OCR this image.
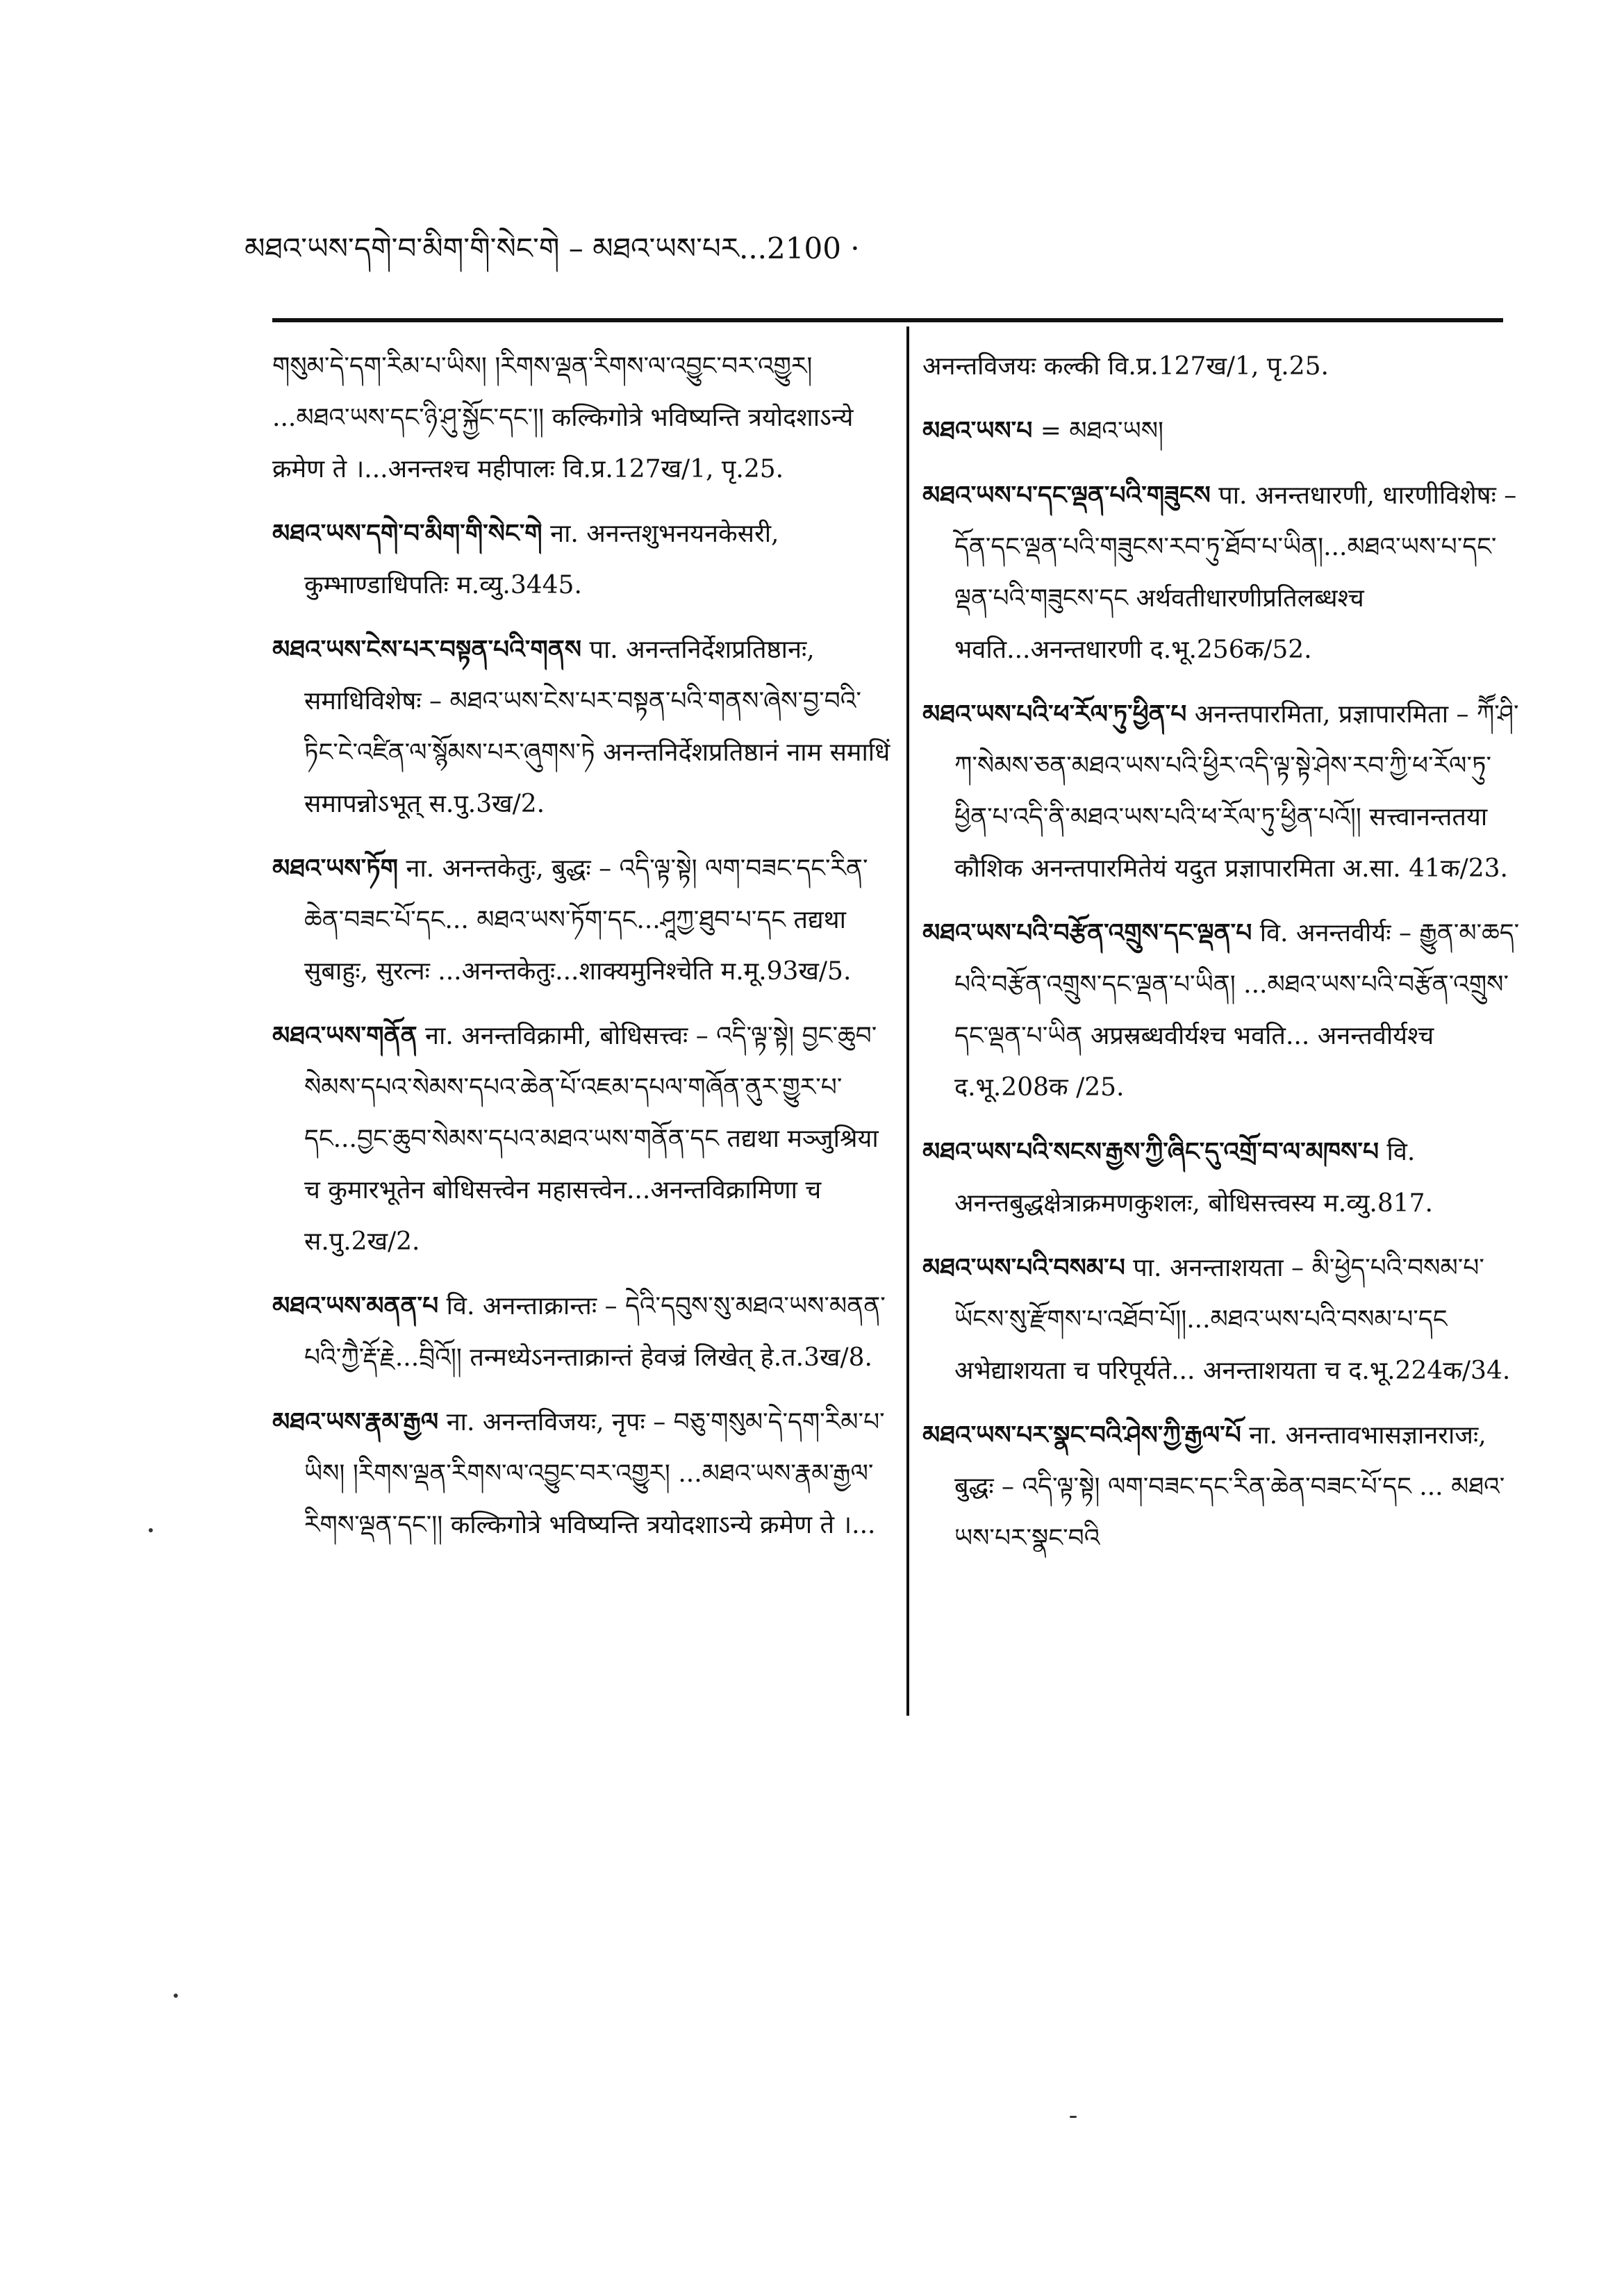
མཐའ་ཡས་དགེ་བ་མིག་གི་སེང་གེ – མཐའ་ཡས་པར...2100 ·

གསུམ་དེ་དག་རིམ་པ་ཡིས། །རིགས་ལྡན་རིགས་ལ་འབྱུང་བར་འགྱུར། ...མཐའ་ཡས་དང་ཉི་ཤུ་སྐྱོང་དང་།། कल्किगोत्रे भविष्यन्ति त्रयोदशाऽन्ये क्रमेण ते ।...अनन्तश्च महीपालः वि.प्र.127ख/1, पृ.25.

མཐའ་ཡས་དགེ་བ་མིག་གི་སེང་གེ ना. अनन्तशुभनयनकेसरी, कुम्भाण्डाधिपतिः म.व्यु.3445.

མཐའ་ཡས་ངེས་པར་བསྟན་པའི་གནས पा. अनन्तनिर्देशप्रतिष्ठानः, समाधिविशेषः – མཐའ་ཡས་ངེས་པར་བསྟན་པའི་གནས་ཞེས་བྱ་བའི་ཏིང་ངེ་འཛིན་ལ་སྙོམས་པར་ཞུགས་ཏེ अनन्तनिर्देशप्रतिष्ठानं नाम समाधिं समापन्नोऽभूत् स.पु.3ख/2.

མཐའ་ཡས་ཏོག ना. अनन्तकेतुः, बुद्धः – འདི་ལྟ་སྟེ། ལག་བཟང་དང་རིན་ཆེན་བཟང་པོ་དང... མཐའ་ཡས་ཏོག་དང...ཤཱཀྱ་ཐུབ་པ་དང तद्यथा सुबाहुः, सुरत्नः ...अनन्तकेतुः...शाक्यमुनिश्चेति म.मू.93ख/5.

མཐའ་ཡས་གནོན ना. अनन्तविक्रामी, बोधिसत्त्वः – འདི་ལྟ་སྟེ། བྱང་ཆུབ་སེམས་དཔའ་སེམས་དཔའ་ཆེན་པོ་འཇམ་དཔལ་གཞོན་ནུར་གྱུར་པ་དང...བྱང་ཆུབ་སེམས་དཔའ་མཐའ་ཡས་གནོན་དང तद्यथा मञ्जुश्रिया च कुमारभूतेन बोधिसत्त्वेन महासत्त्वेन...अनन्तविक्रामिणा च स.पु.2ख/2.

མཐའ་ཡས་མནན་པ वि. अनन्ताक्रान्तः – དེའི་དབུས་སུ་མཐའ་ཡས་མནན་པའི་ཀྱཻ་རྡོ་རྗེ...བྲིའོ།། तन्मध्येऽनन्ताक्रान्तं हेवज्रं लिखेत् हे.त.3ख/8.

མཐའ་ཡས་རྣམ་རྒྱལ ना. अनन्तविजयः, नृपः – བཅུ་གསུམ་དེ་དག་རིམ་པ་ཡིས། །རིགས་ལྡན་རིགས་ལ་འབྱུང་བར་འགྱུར། ...མཐའ་ཡས་རྣམ་རྒྱལ་རིགས་ལྡན་དང་།། कल्किगोत्रे भविष्यन्ति त्रयोदशाऽन्ये क्रमेण ते ।...

अनन्तविजयः कल्की वि.प्र.127ख/1, पृ.25.

མཐའ་ཡས་པ = མཐའ་ཡས།

མཐའ་ཡས་པ་དང་ལྡན་པའི་གཟུངས पा. अनन्तधारणी, धारणीविशेषः – དོན་དང་ལྡན་པའི་གཟུངས་རབ་ཏུ་ཐོབ་པ་ཡིན།...མཐའ་ཡས་པ་དང་ལྡན་པའི་གཟུངས་དང अर्थवतीधारणीप्रतिलब्धश्च भवति...अनन्तधारणी द.भू.256क/52.

མཐའ་ཡས་པའི་ཕ་རོལ་ཏུ་ཕྱིན་པ अनन्तपारमिता, प्रज्ञापारमिता – ཀཽ་ཤི་ཀ་སེམས་ཅན་མཐའ་ཡས་པའི་ཕྱིར་འདི་ལྟ་སྟེ་ཤེས་རབ་ཀྱི་ཕ་རོལ་ཏུ་ཕྱིན་པ་འདི་ནི་མཐའ་ཡས་པའི་ཕ་རོལ་ཏུ་ཕྱིན་པའོ།། सत्त्वानन्ततया कौशिक अनन्तपारमितेयं यदुत प्रज्ञापारमिता अ.सा. 41क/23.

མཐའ་ཡས་པའི་བརྩོན་འགྲུས་དང་ལྡན་པ वि. अनन्तवीर्यः – རྒྱུན་མ་ཆད་པའི་བརྩོན་འགྲུས་དང་ལྡན་པ་ཡིན། ...མཐའ་ཡས་པའི་བརྩོན་འགྲུས་དང་ལྡན་པ་ཡིན अप्रस्रब्धवीर्यश्च भवति... अनन्तवीर्यश्च द.भू.208क /25.

མཐའ་ཡས་པའི་སངས་རྒྱས་ཀྱི་ཞིང་དུ་འགྲོ་བ་ལ་མཁས་པ वि. अनन्तबुद्धक्षेत्राक्रमणकुशलः, बोधिसत्त्वस्य म.व्यु.817.

མཐའ་ཡས་པའི་བསམ་པ पा. अनन्ताशयता – མི་ཕྱེད་པའི་བསམ་པ་ཡོངས་སུ་རྫོགས་པ་འཐོབ་པོ།།...མཐའ་ཡས་པའི་བསམ་པ་དང अभेद्याशयता च परिपूर्यते... अनन्ताशयता च द.भू.224क/34.

མཐའ་ཡས་པར་སྣང་བའི་ཤེས་ཀྱི་རྒྱལ་པོ ना. अनन्तावभासज्ञानराजः, बुद्धः – འདི་ལྟ་སྟེ། ལག་བཟང་དང་རིན་ཆེན་བཟང་པོ་དང ... མཐའ་ཡས་པར་སྣང་བའི
